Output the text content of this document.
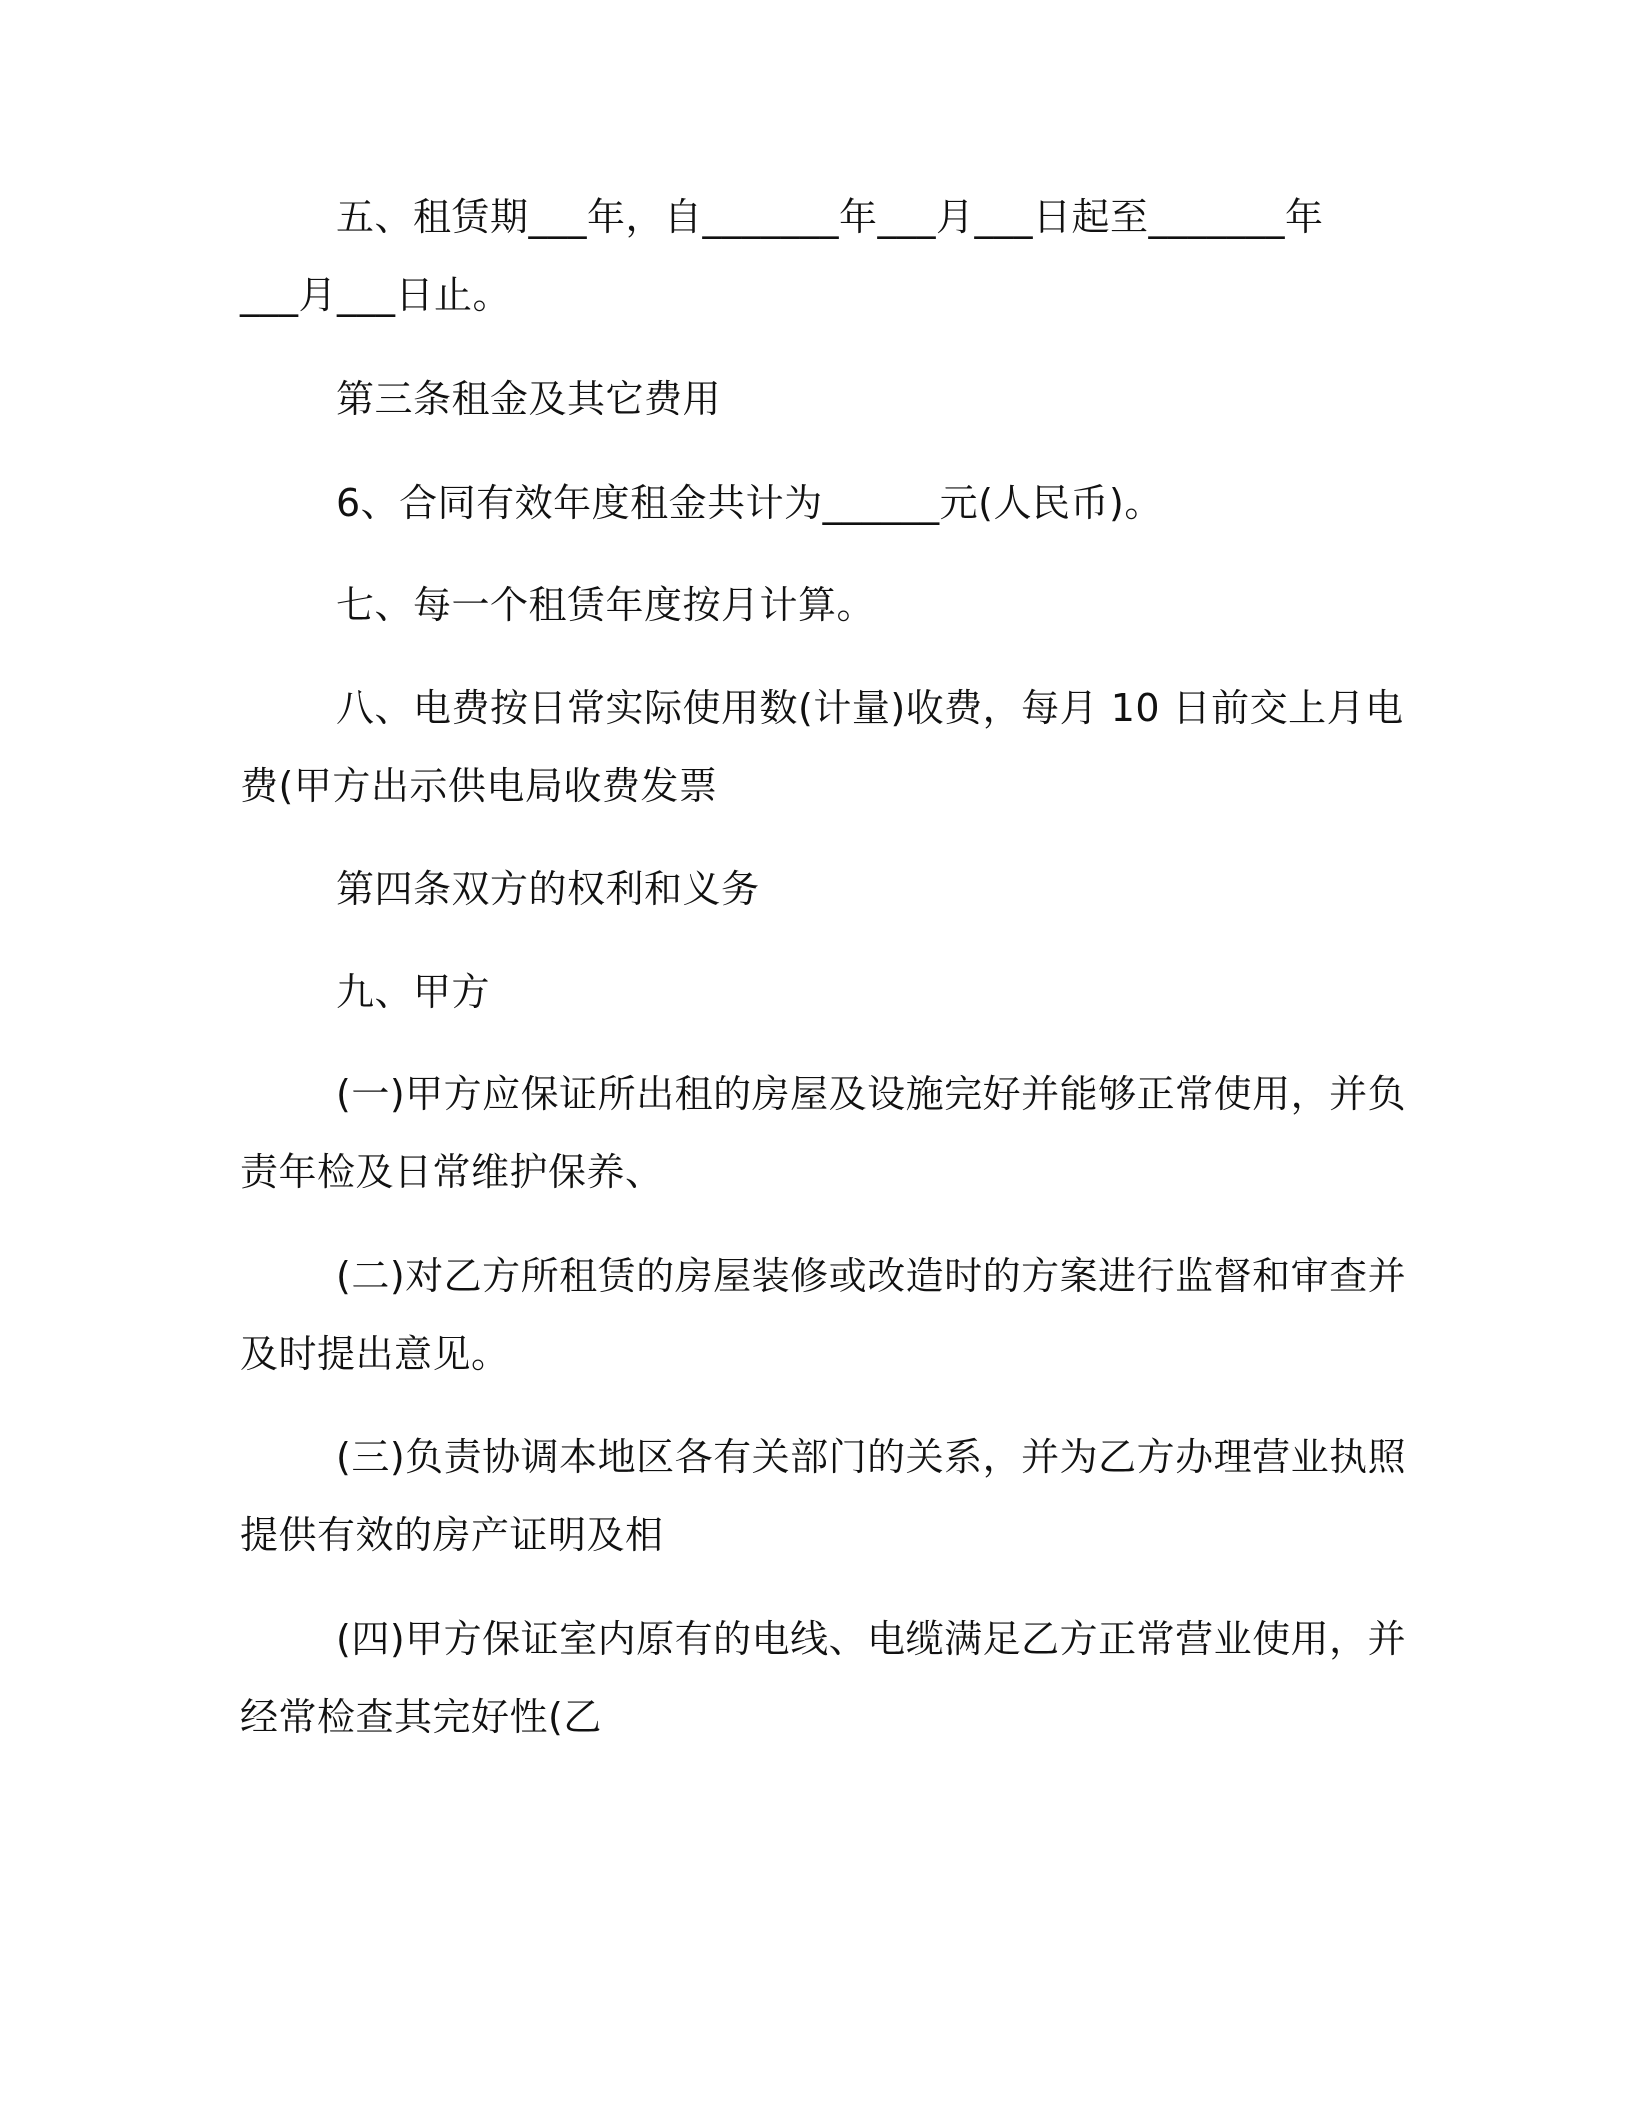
五、租赁期___年，自_______年___月___日起至_______年
___月___日止。

第三条租金及其它费用

6、合同有效年度租金共计为______元(人民币)。

七、每一个租赁年度按月计算。

八、电费按日常实际使用数(计量)收费，每月 10 日前交上月电
费(甲方出示供电局收费发票

第四条双方的权利和义务

九、甲方

(一)甲方应保证所出租的房屋及设施完好并能够正常使用，并负
责年检及日常维护保养、

(二)对乙方所租赁的房屋装修或改造时的方案进行监督和审查并
及时提出意见。

(三)负责协调本地区各有关部门的关系，并为乙方办理营业执照
提供有效的房产证明及相

(四)甲方保证室内原有的电线、电缆满足乙方正常营业使用，并
经常检查其完好性(乙
